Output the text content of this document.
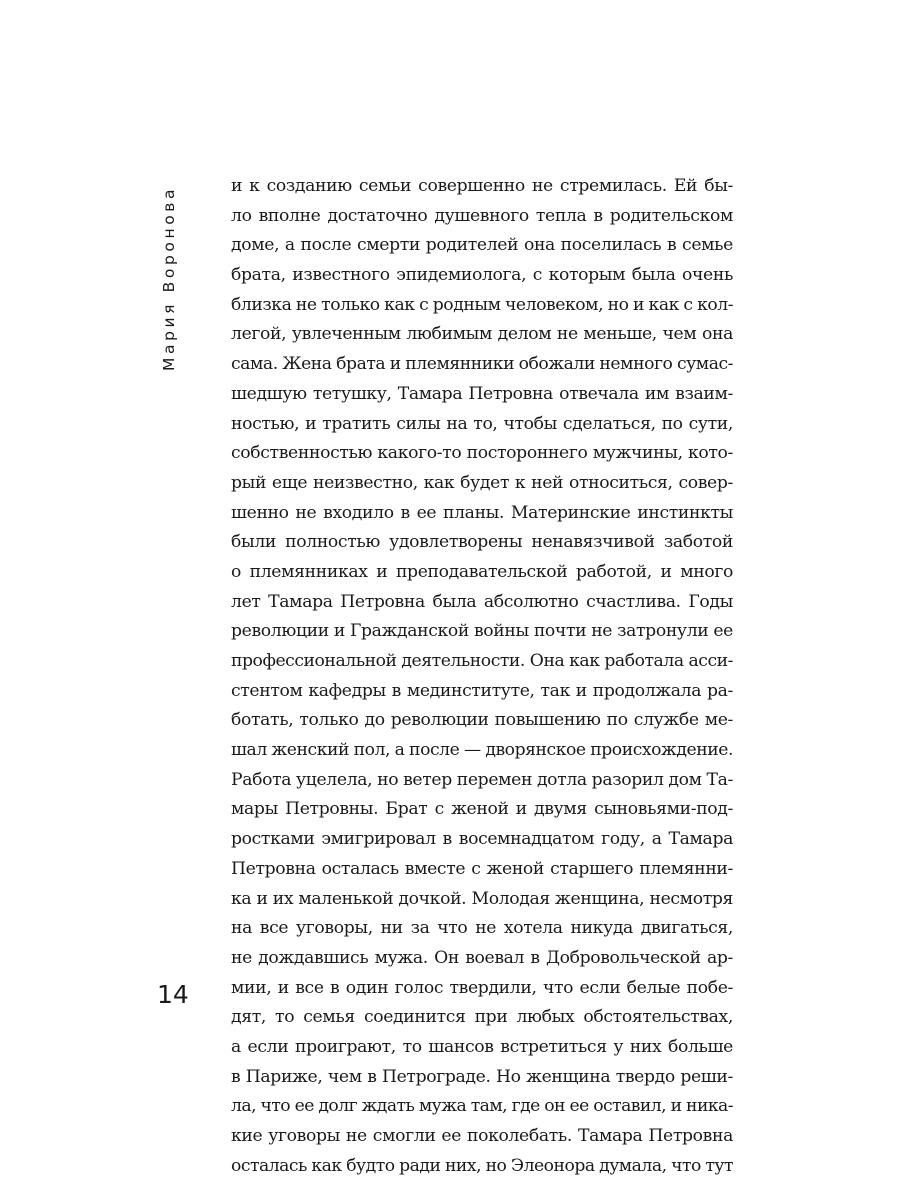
Мария Воронова
14
и к созданию семьи совершенно не стремилась. Ей бы-
ло вполне достаточно душевного тепла в родительском
доме, а после смерти родителей она поселилась в семье
брата, известного эпидемиолога, с которым была очень
близка не только как с родным человеком, но и как с кол-
легой, увлеченным любимым делом не меньше, чем она
сама. Жена брата и племянники обожали немного сумас-
шедшую тетушку, Тамара Петровна отвечала им взаим-
ностью, и тратить силы на то, чтобы сделаться, по сути,
собственностью какого-то постороннего мужчины, кото-
рый еще неизвестно, как будет к ней относиться, совер-
шенно не входило в ее планы. Материнские инстинкты
были полностью удовлетворены ненавязчивой заботой
о племянниках и преподавательской работой, и много
лет Тамара Петровна была абсолютно счастлива. Годы
революции и Гражданской войны почти не затронули ее
профессиональной деятельности. Она как работала асси-
стентом кафедры в мединституте, так и продолжала ра-
ботать, только до революции повышению по службе ме-
шал женский пол, а после — дворянское происхождение.
Работа уцелела, но ветер перемен дотла разорил дом Та-
мары Петровны. Брат с женой и двумя сыновьями-под-
ростками эмигрировал в восемнадцатом году, а Тамара
Петровна осталась вместе с женой старшего племянни-
ка и их маленькой дочкой. Молодая женщина, несмотря
на все уговоры, ни за что не хотела никуда двигаться,
не дождавшись мужа. Он воевал в Добровольческой ар-
мии, и все в один голос твердили, что если белые побе-
дят, то семья соединится при любых обстоятельствах,
а если проиграют, то шансов встретиться у них больше
в Париже, чем в Петрограде. Но женщина твердо реши-
ла, что ее долг ждать мужа там, где он ее оставил, и ника-
кие уговоры не смогли ее поколебать. Тамара Петровна
осталась как будто ради них, но Элеонора думала, что тут
